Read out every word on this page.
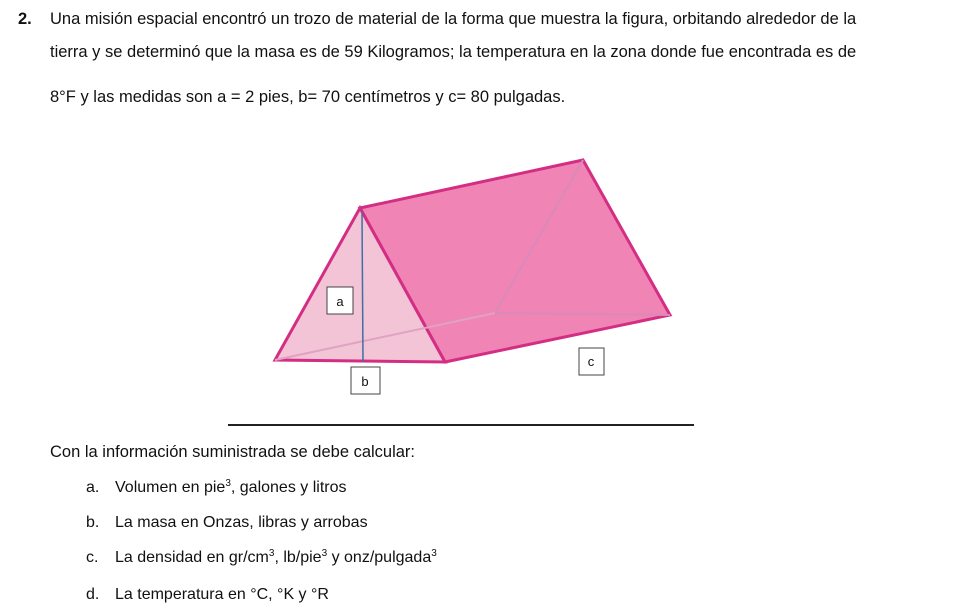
2. Una misión espacial encontró un trozo de material de la forma que muestra la figura, orbitando alrededor de la
tierra y se determinó que la masa es de 59 Kilogramos; la temperatura en la zona donde fue encontrada es de
8°F y las medidas son a = 2 pies, b= 70 centímetros y c= 80 pulgadas.
a
b
c
Con la información suministrada se debe calcular:
a. Volumen en pie$^3$, galones y litros
b. La masa en Onzas, libras y arrobas
c. La densidad en $gr/cm^3$, lb/pie$^3$ y onz/pulgada$^3$
d. La temperatura en °C, °K y °R
